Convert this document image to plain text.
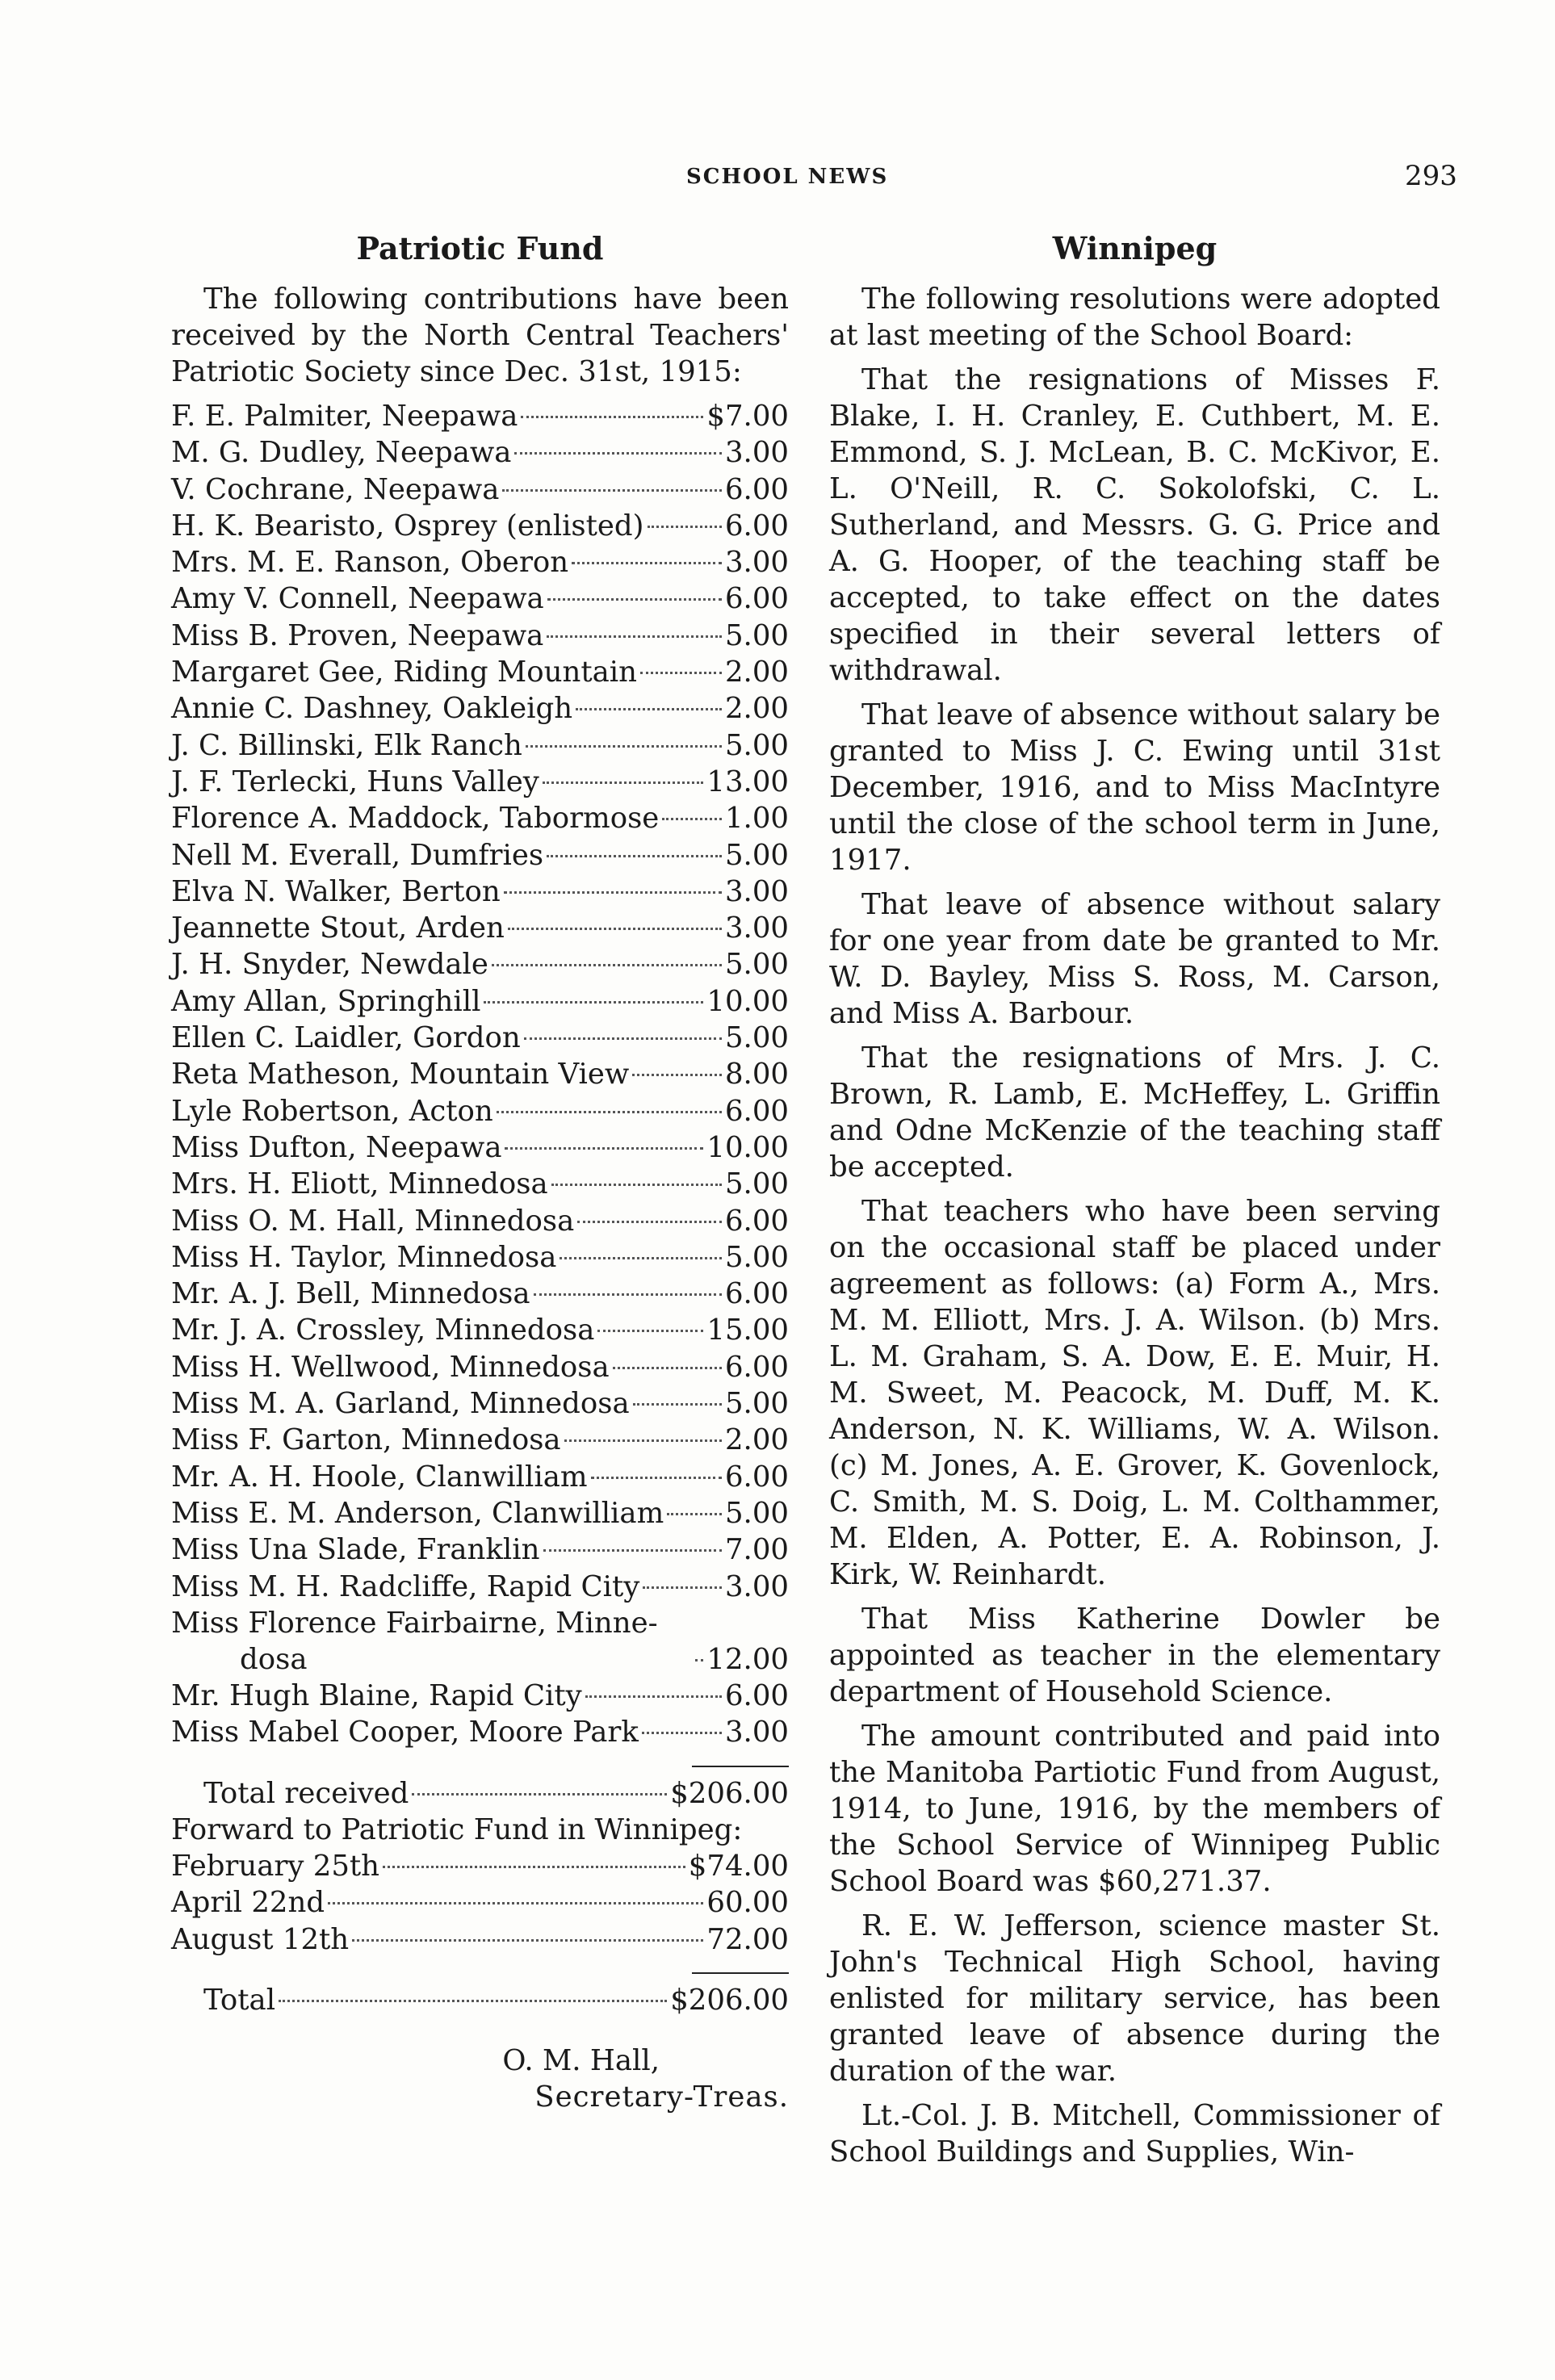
SCHOOL NEWS	293
Patriotic Fund
The following contributions have been received by the North Central Teachers' Patriotic Society since Dec. 31st, 1915:
F. E. Palmiter, Neepawa	$7.00
M. G. Dudley, Neepawa	3.00
V. Cochrane, Neepawa	6.00
H. K. Bearisto, Osprey (enlisted)	6.00
Mrs. M. E. Ranson, Oberon	3.00
Amy V. Connell, Neepawa	6.00
Miss B. Proven, Neepawa	5.00
Margaret Gee, Riding Mountain	2.00
Annie C. Dashney, Oakleigh	2.00
J. C. Billinski, Elk Ranch	5.00
J. F. Terlecki, Huns Valley	13.00
Florence A. Maddock, Tabormose 1.00
Nell M. Everall, Dumfries	5.00
Elva N. Walker, Berton	3.00
Jeannette Stout, Arden	3.00
J. H. Snyder, Newdale	5.00
Amy Allan, Springhill	10.00
Ellen C. Laidler, Gordon	5.00
Reta Matheson, Mountain View	8.00
Lyle Robertson, Acton	6.00
Miss Dufton, Neepawa	10.00
Mrs. H. Eliott, Minnedosa	5.00
Miss O. M. Hall, Minnedosa	6.00
Miss H. Taylor, Minnedosa	5.00
Mr. A. J. Bell, Minnedosa	6.00
Mr. J. A. Crossley, Minnedosa	15.00
Miss H. Wellwood, Minnedosa	6.00
Miss M. A. Garland, Minnedosa	5.00
Miss F. Garton, Minnedosa	2.00
Mr. A. H. Hoole, Clanwilliam	6.00
Miss E. M. Anderson, Clanwilliam 5.00
Miss Una Slade, Franklin	7.00
Miss M. H. Radcliffe, Rapid City	3.00
Miss Florence Fairbairne, Minne-
dosa	12.00
Mr. Hugh Blaine, Rapid City	6.00
Miss Mabel Cooper, Moore Park	3.00
Total received	$206.00
Forward to Patriotic Fund in Winnipeg:
February 25th	$74.00
April 22nd	60.00
August 12th	72.00
Total	$206.00
O. M. Hall,
Secretary-Treas.
Winnipeg
The following resolutions were adopted at last meeting of the School Board:
That the resignations of Misses F. Blake, I. H. Cranley, E. Cuthbert, M. E. Emmond, S. J. McLean, B. C. McKivor, E. L. O'Neill, R. C. Sokolofski, C. L. Sutherland, and Messrs. G. G. Price and A. G. Hooper, of the teaching staff be accepted, to take effect on the dates specified in their several letters of withdrawal.
That leave of absence without salary be granted to Miss J. C. Ewing until 31st December, 1916, and to Miss MacIntyre until the close of the school term in June, 1917.
That leave of absence without salary for one year from date be granted to Mr. W. D. Bayley, Miss S. Ross, M. Carson, and Miss A. Barbour.
That the resignations of Mrs. J. C. Brown, R. Lamb, E. McHeffey, L. Griffin and Odne McKenzie of the teaching staff be accepted.
That teachers who have been serving on the occasional staff be placed under agreement as follows: (a) Form A., Mrs. M. M. Elliott, Mrs. J. A. Wilson. (b) Mrs. L. M. Graham, S. A. Dow, E. E. Muir, H. M. Sweet, M. Peacock, M. Duff, M. K. Anderson, N. K. Williams, W. A. Wilson. (c) M. Jones, A. E. Grover, K. Govenlock, C. Smith, M. S. Doig, L. M. Colthammer, M. Elden, A. Potter, E. A. Robinson, J. Kirk, W. Reinhardt.
That Miss Katherine Dowler be appointed as teacher in the elementary department of Household Science.
The amount contributed and paid into the Manitoba Partiotic Fund from August, 1914, to June, 1916, by the members of the School Service of Winnipeg Public School Board was $60,271.37.
R. E. W. Jefferson, science master St. John's Technical High School, having enlisted for military service, has been granted leave of absence during the duration of the war.
Lt.-Col. J. B. Mitchell, Commissioner of School Buildings and Supplies, Win-
